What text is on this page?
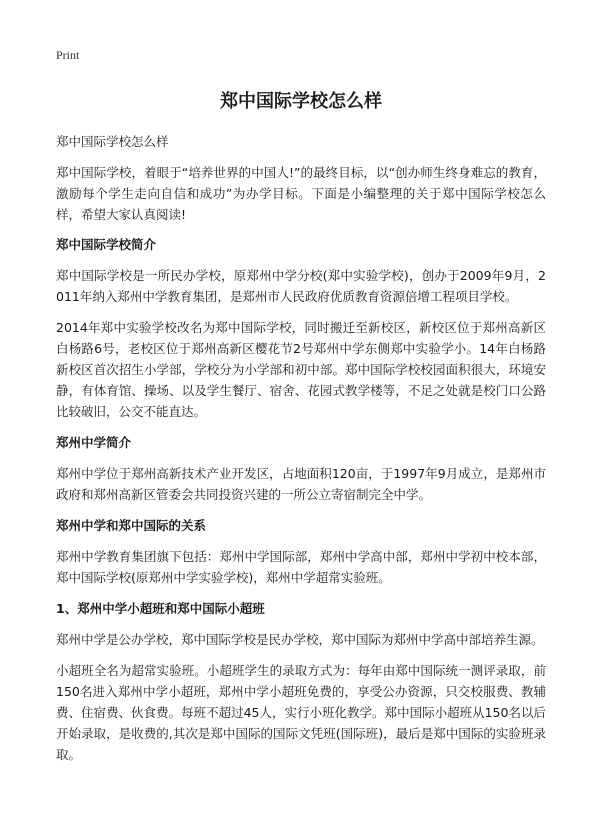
Print
郑中国际学校怎么样
郑中国际学校怎么样

郑中国际学校，着眼于“培养世界的中国人!”的最终目标，以“创办师生终身难忘的教育，激励每个学生走向自信和成功”为办学目标。下面是小编整理的关于郑中国际学校怎么样，希望大家认真阅读!

郑中国际学校简介

郑中国际学校是一所民办学校，原郑州中学分校(郑中实验学校)，创办于2009年9月，2011年纳入郑州中学教育集团，是郑州市人民政府优质教育资源倍增工程项目学校。

2014年郑中实验学校改名为郑中国际学校，同时搬迁至新校区，新校区位于郑州高新区白杨路6号，老校区位于郑州高新区樱花节2号郑州中学东侧郑中实验学小。14年白杨路新校区首次招生小学部，学校分为小学部和初中部。郑中国际学校校园面积很大，环境安静，有体育馆、操场、以及学生餐厅、宿舍、花园式教学楼等，不足之处就是校门口公路比较破旧，公交不能直达。

郑州中学简介

郑州中学位于郑州高新技术产业开发区，占地面积120亩，于1997年9月成立，是郑州市政府和郑州高新区管委会共同投资兴建的一所公立寄宿制完全中学。

郑州中学和郑中国际的关系

郑州中学教育集团旗下包括：郑州中学国际部，郑州中学高中部，郑州中学初中校本部，郑中国际学校(原郑州中学实验学校)，郑州中学超常实验班。

1、郑州中学小超班和郑中国际小超班

郑州中学是公办学校，郑中国际学校是民办学校，郑中国际为郑州中学高中部培养生源。

小超班全名为超常实验班。小超班学生的录取方式为：每年由郑中国际统一测评录取，前150名进入郑州中学小超班，郑州中学小超班免费的，享受公办资源，只交校服费、教辅费、住宿费、伙食费。每班不超过45人，实行小班化教学。郑中国际小超班从150名以后开始录取，是收费的,其次是郑中国际的国际文凭班(国际班)，最后是郑中国际的实验班录取。
